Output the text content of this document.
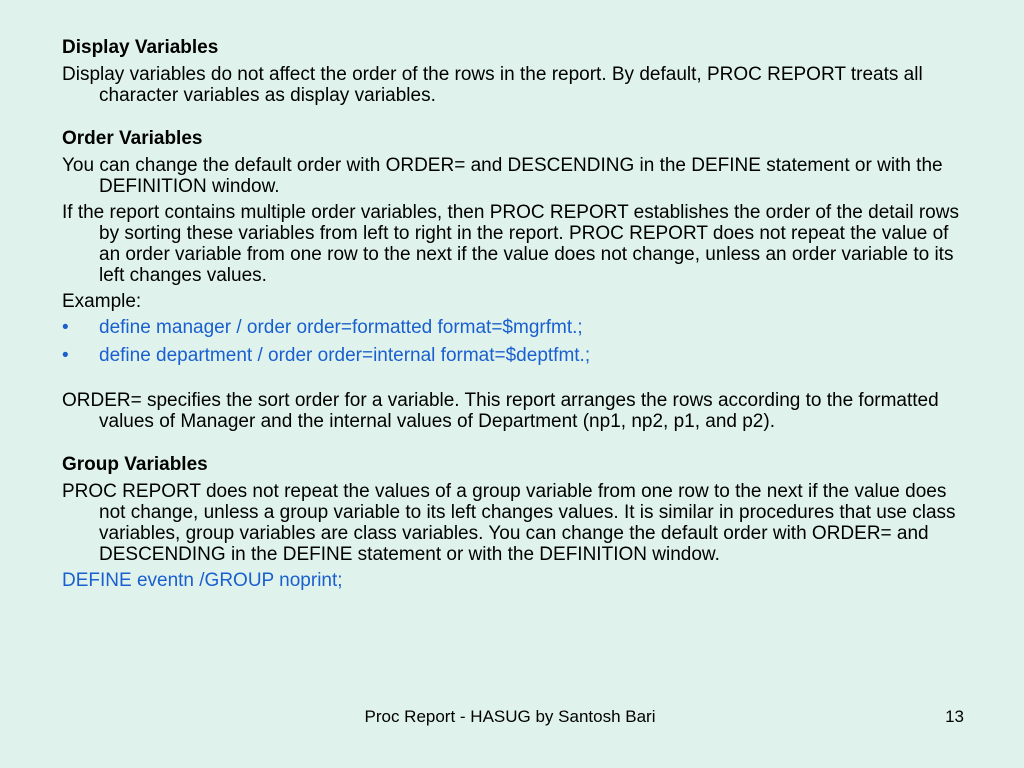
Display Variables
Display variables do not affect the order of the rows in the report. By default, PROC REPORT treats all character variables as display variables.
Order Variables
You can change the default order with ORDER= and DESCENDING in the DEFINE statement or with the DEFINITION window.
If the report contains multiple order variables, then PROC REPORT establishes the order of the detail rows by sorting these variables from left to right in the report. PROC REPORT does not repeat the value of an order variable from one row to the next if the value does not change, unless an order variable to its left changes values.
Example:
• define manager / order order=formatted format=$mgrfmt.;
• define department / order order=internal format=$deptfmt.;
ORDER= specifies the sort order for a variable. This report arranges the rows according to the formatted values of Manager and the internal values of Department (np1, np2, p1, and p2).
Group Variables
PROC REPORT does not repeat the values of a group variable from one row to the next if the value does not change, unless a group variable to its left changes values. It is similar in procedures that use class variables, group variables are class variables. You can change the default order with ORDER= and DESCENDING in the DEFINE statement or with the DEFINITION window.
DEFINE eventn /GROUP noprint;
Proc Report - HASUG by Santosh Bari	13
